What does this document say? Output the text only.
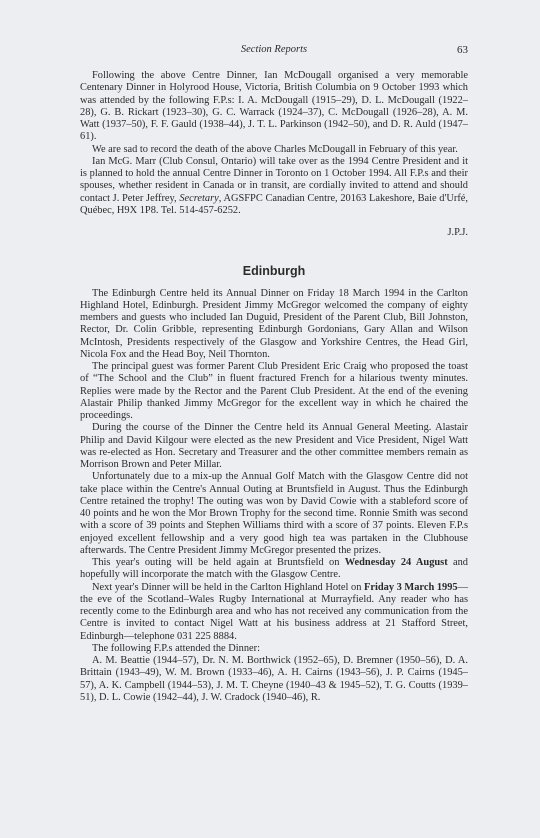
Section Reports	63

Following the above Centre Dinner, Ian McDougall organised a very memorable Centenary Dinner in Holyrood House, Victoria, British Columbia on 9 October 1993 which was attended by the following F.P.s: I. A. McDougall (1915–29), D. L. McDougall (1922–28), G. B. Rickart (1923–30), G. C. Warrack (1924–37), C. McDougall (1926–28), A. M. Watt (1937–50), F. F. Gauld (1938–44), J. T. L. Parkinson (1942–50), and D. R. Auld (1947–61).

We are sad to record the death of the above Charles McDougall in February of this year.

Ian McG. Marr (Club Consul, Ontario) will take over as the 1994 Centre President and it is planned to hold the annual Centre Dinner in Toronto on 1 October 1994. All F.P.s and their spouses, whether resident in Canada or in transit, are cordially invited to attend and should contact J. Peter Jeffrey, Secretary, AGSFPC Canadian Centre, 20163 Lakeshore, Baie d'Urfé, Québec, H9X 1P8. Tel. 514-457-6252.

J.P.J.
Edinburgh

The Edinburgh Centre held its Annual Dinner on Friday 18 March 1994 in the Carlton Highland Hotel, Edinburgh. President Jimmy McGregor welcomed the company of eighty members and guests who included Ian Duguid, President of the Parent Club, Bill Johnston, Rector, Dr. Colin Gribble, representing Edinburgh Gordonians, Gary Allan and Wilson McIntosh, Presidents respectively of the Glasgow and Yorkshire Centres, the Head Girl, Nicola Fox and the Head Boy, Neil Thornton.

The principal guest was former Parent Club President Eric Craig who proposed the toast of “The School and the Club” in fluent fractured French for a hilarious twenty minutes. Replies were made by the Rector and the Parent Club President. At the end of the evening Alastair Philip thanked Jimmy McGregor for the excellent way in which he chaired the proceedings.

During the course of the Dinner the Centre held its Annual General Meeting. Alastair Philip and David Kilgour were elected as the new President and Vice President, Nigel Watt was re-elected as Hon. Secretary and Treasurer and the other committee members remain as Morrison Brown and Peter Millar.

Unfortunately due to a mix-up the Annual Golf Match with the Glasgow Centre did not take place within the Centre's Annual Outing at Bruntsfield in August. Thus the Edinburgh Centre retained the trophy! The outing was won by David Cowie with a stableford score of 40 points and he won the Mor Brown Trophy for the second time. Ronnie Smith was second with a score of 39 points and Stephen Williams third with a score of 37 points. Eleven F.P.s enjoyed excellent fellowship and a very good high tea was partaken in the Clubhouse afterwards. The Centre President Jimmy McGregor presented the prizes.

This year's outing will be held again at Bruntsfield on Wednesday 24 August and hopefully will incorporate the match with the Glasgow Centre.

Next year's Dinner will be held in the Carlton Highland Hotel on Friday 3 March 1995—the eve of the Scotland–Wales Rugby International at Murrayfield. Any reader who has recently come to the Edinburgh area and who has not received any communication from the Centre is invited to contact Nigel Watt at his business address at 21 Stafford Street, Edinburgh—telephone 031 225 8884.

The following F.P.s attended the Dinner:

A. M. Beattie (1944–57), Dr. N. M. Borthwick (1952–65), D. Bremner (1950–56), D. A. Brittain (1943–49), W. M. Brown (1933–46), A. H. Cairns (1943–56), J. P. Cairns (1945–57), A. K. Campbell (1944–53), J. M. T. Cheyne (1940–43 & 1945–52), T. G. Coutts (1939–51), D. L. Cowie (1942–44), J. W. Cradock (1940–46), R.
